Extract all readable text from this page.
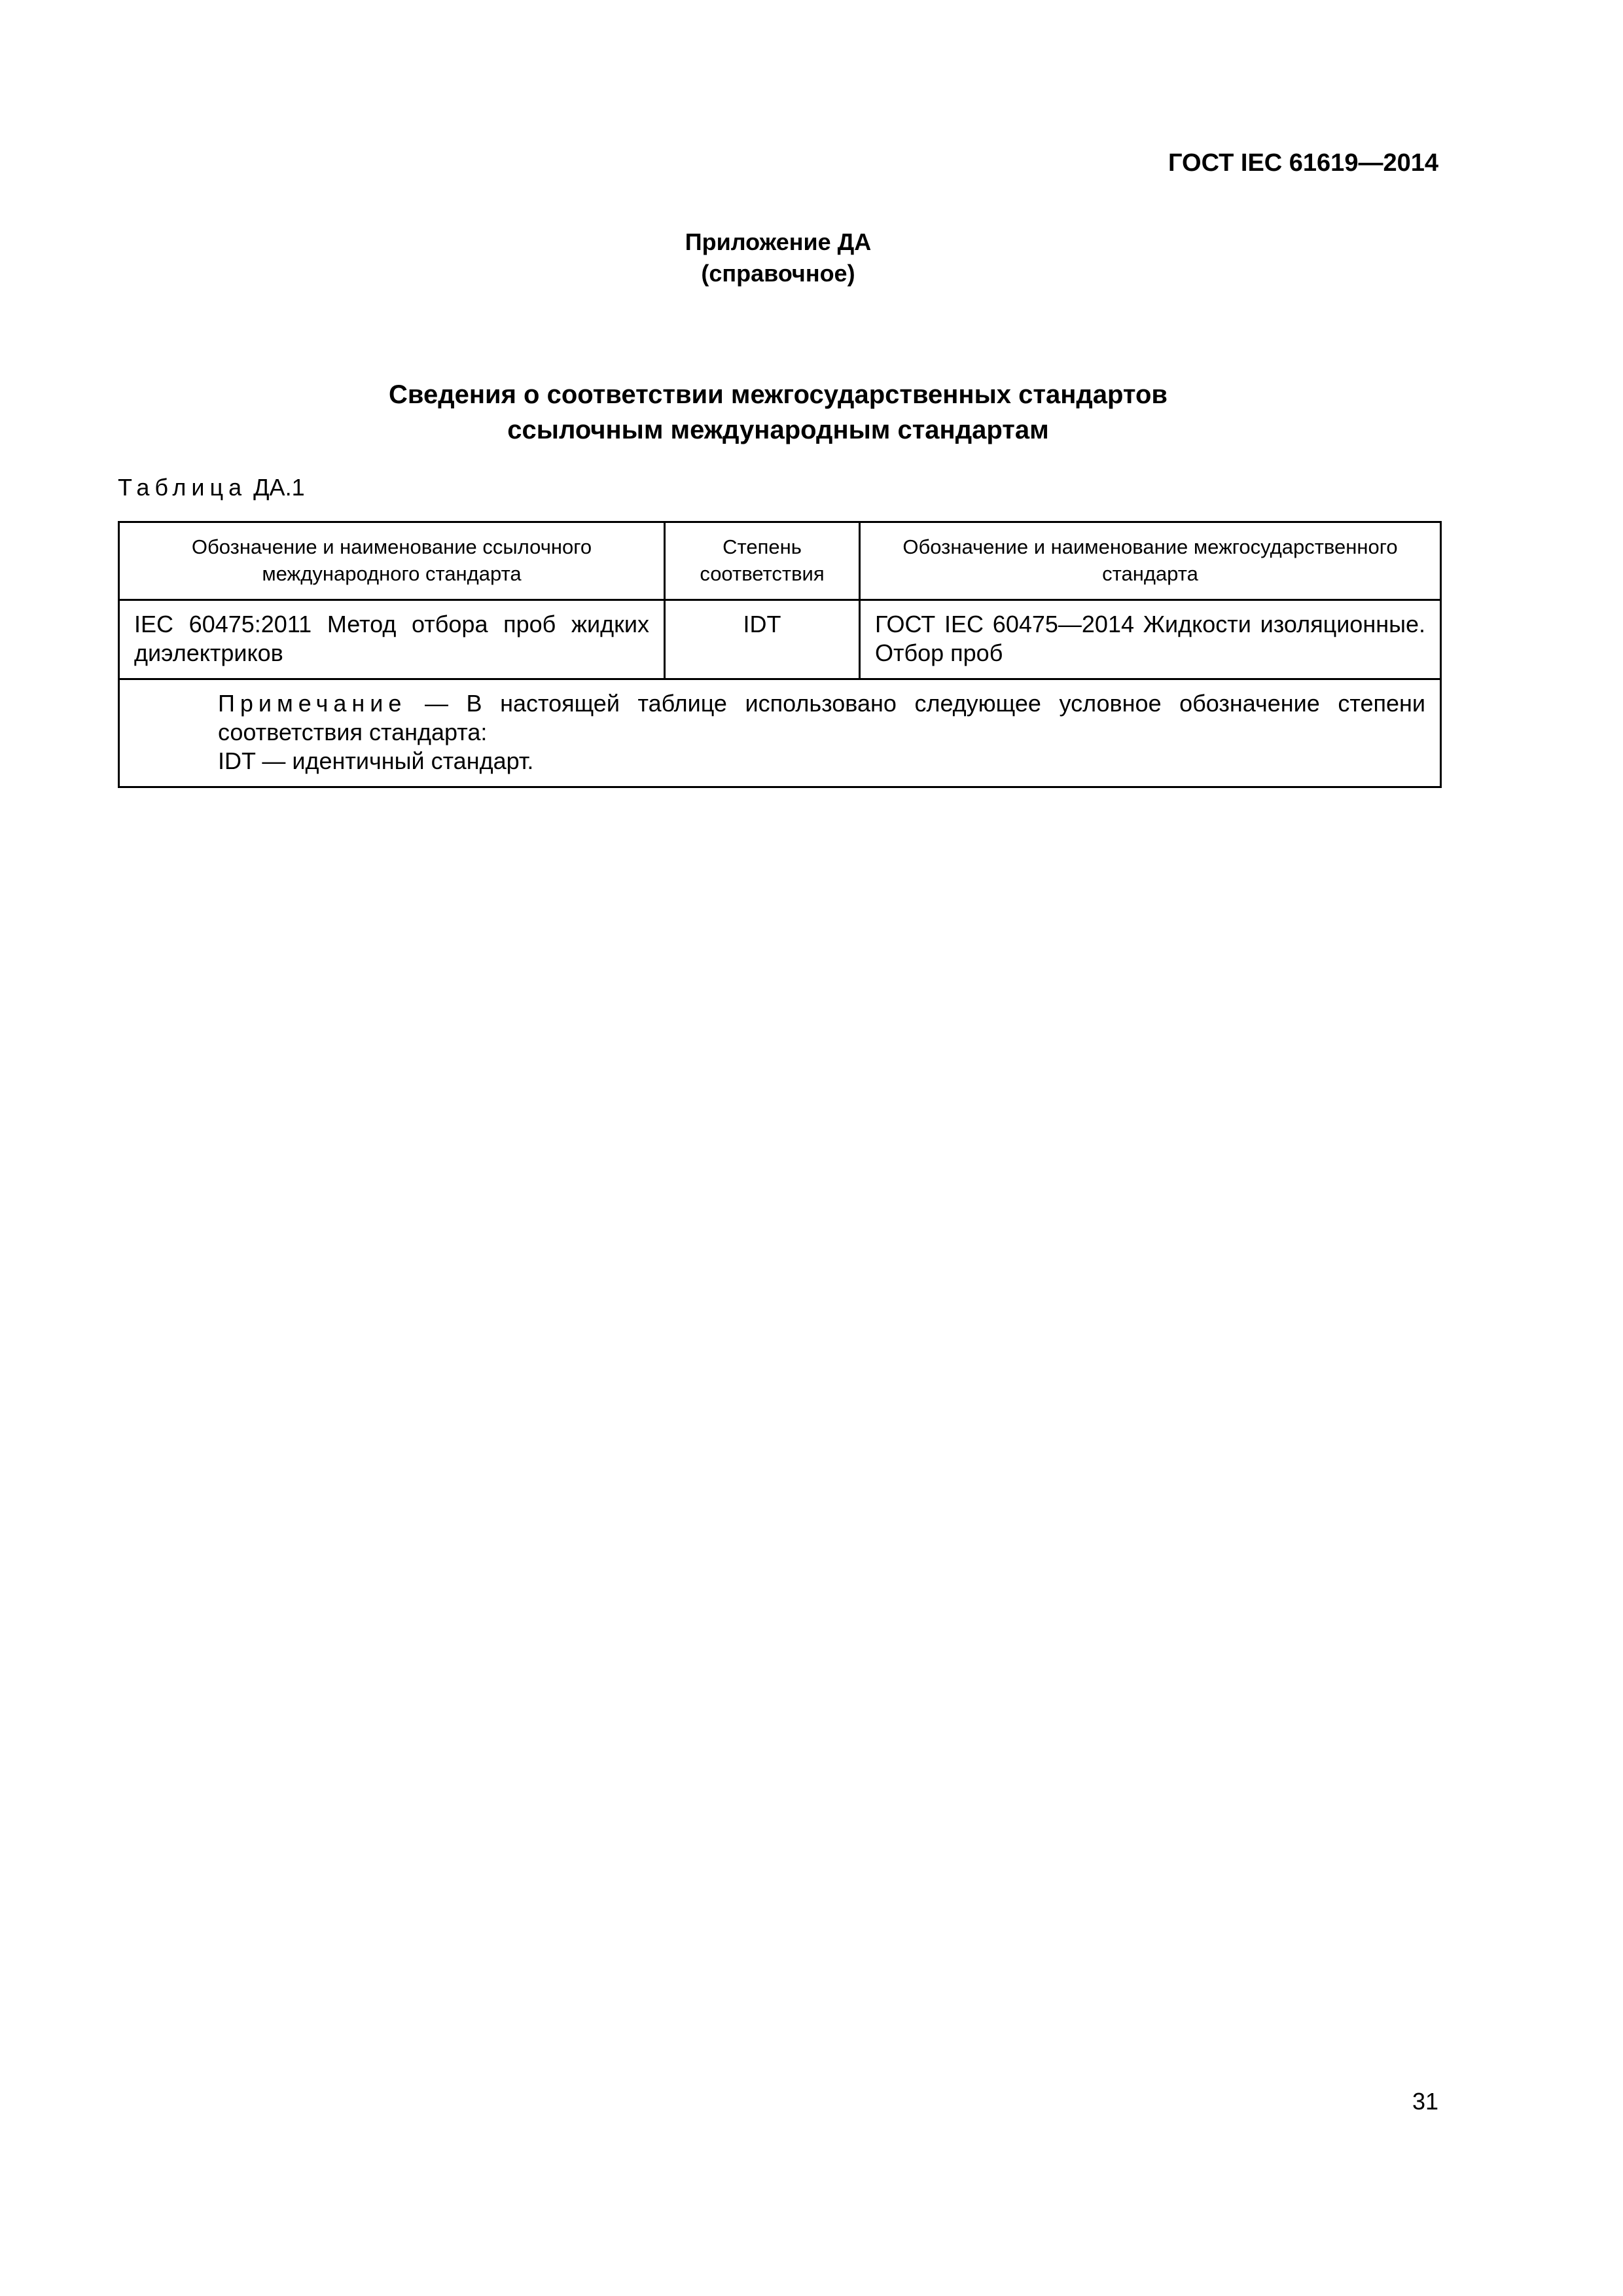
ГОСТ IEC 61619—2014
Приложение ДА
(справочное)
Сведения о соответствии межгосударственных стандартов
ссылочным международным стандартам
Таблица ДА.1
Обозначение и наименование ссылочного международного стандарта	Степень соответствия	Обозначение и наименование межгосударственного стандарта
IEC 60475:2011 Метод отбора проб жидких диэлектриков	IDT	ГОСТ IEC 60475—2014 Жидкости изоляционные. Отбор проб

Примечание — В настоящей таблице использовано следующее условное обозначение степени соответствия стандарта:
IDT — идентичный стандарт.		
31
